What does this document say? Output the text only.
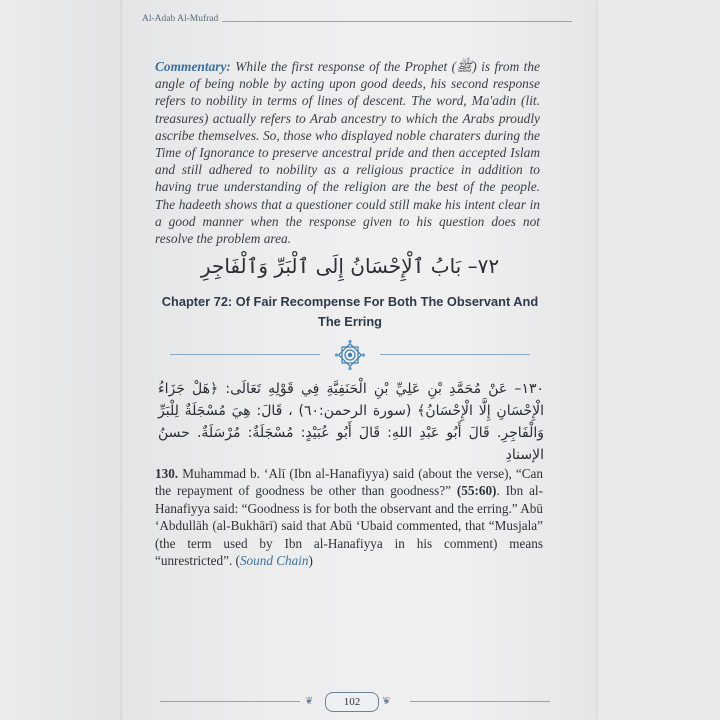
Al-Adab Al-Mufrad
Commentary: While the first response of the Prophet (ﷺ) is from the angle of being noble by acting upon good deeds, his second response refers to nobility in terms of lines of descent. The word, Ma'adin (lit. treasures) actually refers to Arab ancestry to which the Arabs proudly ascribe themselves. So, those who displayed noble charaters during the Time of Ignorance to preserve ancestral pride and then accepted Islam and still adhered to nobility as a religious practice in addition to having true understanding of the religion are the best of the people. The hadeeth shows that a questioner could still make his intent clear in a good manner when the response given to his question does not resolve the problem area.
٧٢– بَابُ ٱلْإِحْسَانُ إِلَى ٱلْبَرِّ وَٱلْفَاجِرِ
Chapter 72: Of Fair Recompense For Both The Observant And The Erring
١٣٠– عَنْ مُحَمَّدِ بْنِ عَلِيِّ بْنِ الْحَنَفِيَّةِ فِي قَوْلِهِ تَعَالَى: ﴿هَلْ جَزَاءُ الْإِحْسَانِ إِلَّا الْإِحْسَانُ﴾ (سورة الرحمن:٦٠) ، قَالَ: هِيَ مُسْجَلَةٌ لِلْبَرِّ وَالْفَاجِرِ. قَالَ أَبُو عَبْدِ اللهِ: قَالَ أَبُو عُبَيْدٍ: مُسْجَلَةٌ: مُرْسَلَةٌ. حسنُ الإسنادِ
130. Muhammad b. ‘Alī (Ibn al-Hanafiyya) said (about the verse), “Can the repayment of goodness be other than goodness?” (55:60). Ibn al-Hanafiyya said: “Goodness is for both the observant and the erring.” Abū ‘Abdullāh (al-Bukhārī) said that Abū ‘Ubaid commented, that “Musjala” (the term used by Ibn al-Hanafiyya in his comment) means “unrestricted”. (Sound Chain)
❦	102	❦
